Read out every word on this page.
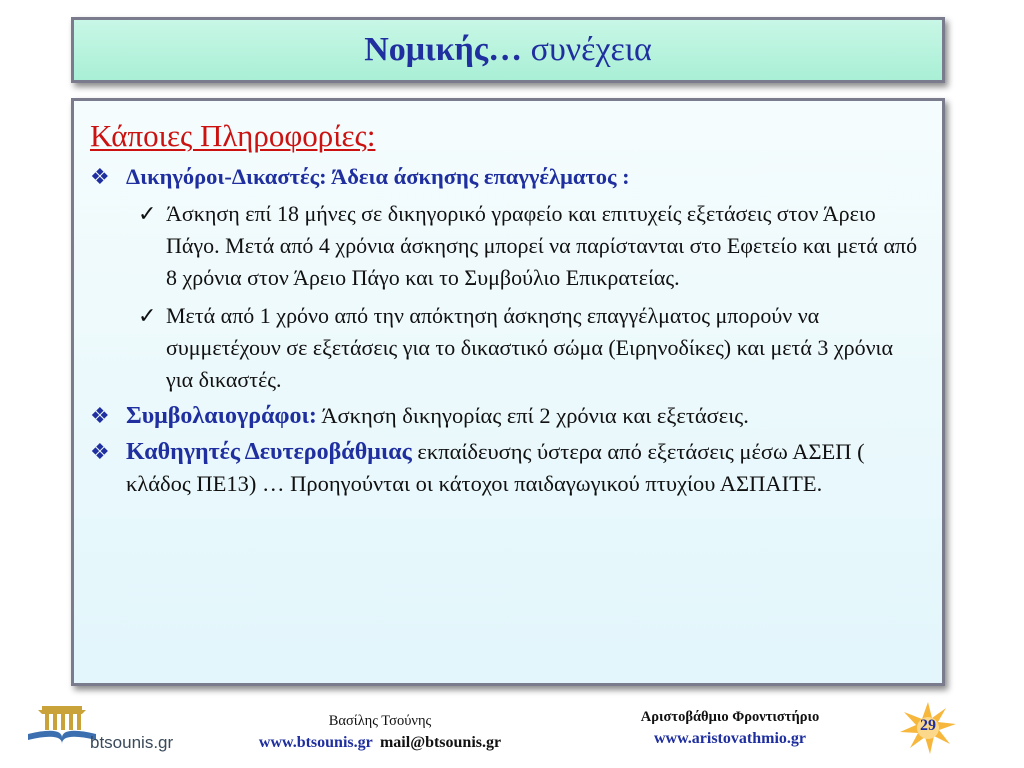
Νομικής… συνέχεια
Κάποιες Πληροφορίες:
❖ Δικηγόροι-Δικαστές: Άδεια άσκησης επαγγέλματος :
✓ Άσκηση επί 18 μήνες σε δικηγορικό γραφείο και επιτυχείς εξετάσεις στον Άρειο Πάγο. Μετά από 4 χρόνια άσκησης μπορεί να παρίστανται στο Εφετείο και μετά από 8 χρόνια στον Άρειο Πάγο και το Συμβούλιο Επικρατείας.
✓ Μετά από 1 χρόνο από την απόκτηση άσκησης επαγγέλματος μπορούν να συμμετέχουν σε εξετάσεις για το δικαστικό σώμα (Ειρηνοδίκες) και μετά 3 χρόνια για δικαστές.
❖ Συμβολαιογράφοι: Άσκηση δικηγορίας επί 2 χρόνια και εξετάσεις.
❖ Καθηγητές Δευτεροβάθμιας εκπαίδευσης ύστερα από εξετάσεις μέσω ΑΣΕΠ ( κλάδος ΠΕ13) … Προηγούνται οι κάτοχοι παιδαγωγικού πτυχίου ΑΣΠΑΙΤΕ.
btsounis.gr
Βασίλης Τσούνης
www.btsounis.gr mail@btsounis.gr
Αριστοβάθμιο Φροντιστήριο
www.aristovathmio.gr
29
